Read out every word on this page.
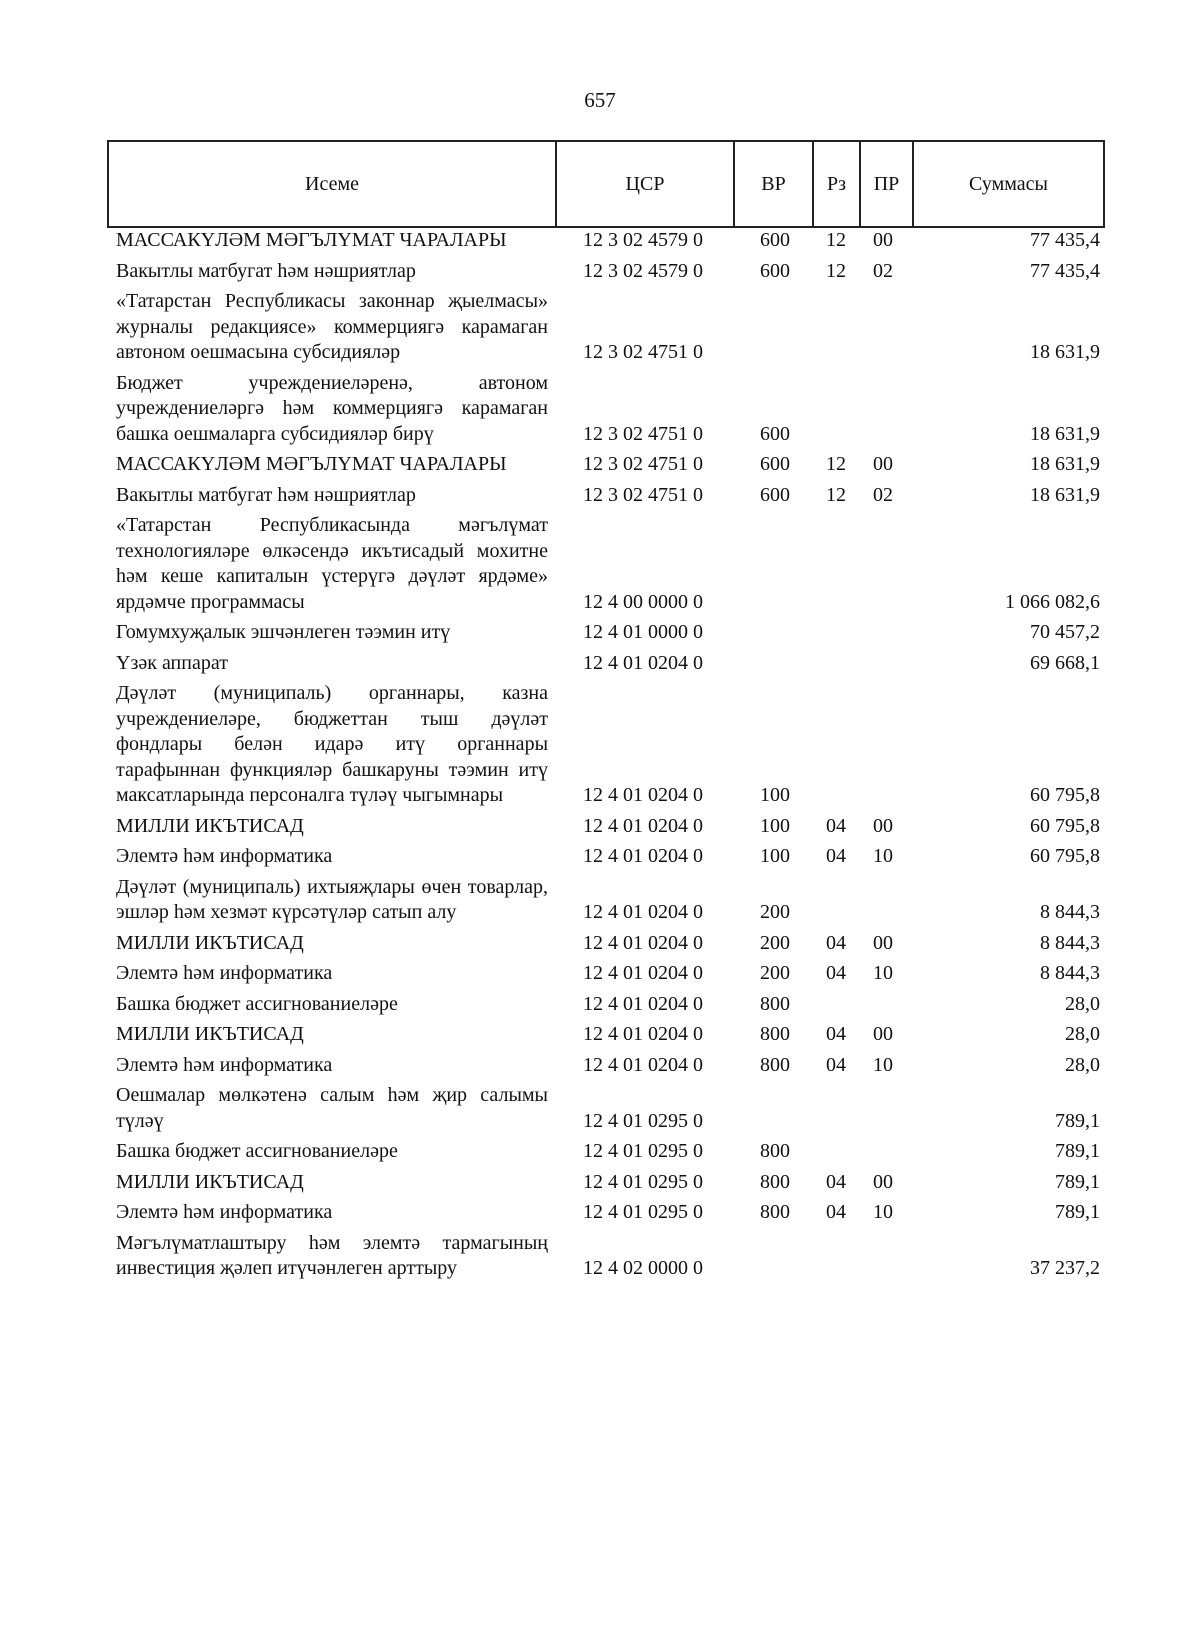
657
Исеме	ЦСР	ВР	Рз	ПР	Суммасы
МАССАКҮЛӘМ МӘГЪЛҮМАТ ЧАРАЛАРЫ	12 3 02 4579 0	600	12	00	77 435,4
Вакытлы матбугат һәм нәшриятлар	12 3 02 4579 0	600	12	02	77 435,4
«Татарстан Республикасы законнар җыелмасы» журналы редакциясе» коммерциягә карамаган автоном оешмасына субсидияләр	12 3 02 4751 0				18 631,9
Бюджет учреждениеләренә, автоном учреждениеләргә һәм коммерциягә карамаган башка оешмаларга субсидияләр бирү	12 3 02 4751 0	600			18 631,9
МАССАКҮЛӘМ МӘГЪЛҮМАТ ЧАРАЛАРЫ	12 3 02 4751 0	600	12	00	18 631,9
Вакытлы матбугат һәм нәшриятлар	12 3 02 4751 0	600	12	02	18 631,9
«Татарстан Республикасында мәгълүмат технологияләре өлкәсендә икътисадый мохитне һәм кеше капиталын үстерүгә дәүләт ярдәме» ярдәмче программасы	12 4 00 0000 0				1 066 082,6
Гомумхуҗалык эшчәнлеген тәэмин итү	12 4 01 0000 0				70 457,2
Үзәк аппарат	12 4 01 0204 0				69 668,1
Дәүләт (муниципаль) органнары, казна учреждениеләре, бюджеттан тыш дәүләт фондлары белән идарә итү органнары тарафыннан функцияләр башкаруны тәэмин итү максатларында персоналга түләү чыгымнары	12 4 01 0204 0	100			60 795,8
МИЛЛИ ИКЪТИСАД	12 4 01 0204 0	100	04	00	60 795,8
Элемтә һәм информатика	12 4 01 0204 0	100	04	10	60 795,8
Дәүләт (муниципаль) ихтыяҗлары өчен товарлар, эшләр һәм хезмәт күрсәтүләр сатып алу	12 4 01 0204 0	200			8 844,3
МИЛЛИ ИКЪТИСАД	12 4 01 0204 0	200	04	00	8 844,3
Элемтә һәм информатика	12 4 01 0204 0	200	04	10	8 844,3
Башка бюджет ассигнованиеләре	12 4 01 0204 0	800			28,0
МИЛЛИ ИКЪТИСАД	12 4 01 0204 0	800	04	00	28,0
Элемтә һәм информатика	12 4 01 0204 0	800	04	10	28,0
Оешмалар мөлкәтенә салым һәм җир салымы түләү	12 4 01 0295 0				789,1
Башка бюджет ассигнованиеләре	12 4 01 0295 0	800			789,1
МИЛЛИ ИКЪТИСАД	12 4 01 0295 0	800	04	00	789,1
Элемтә һәм информатика	12 4 01 0295 0	800	04	10	789,1
Мәгълүматлаштыру һәм элемтә тармагының инвестиция җәлеп итүчәнлеген арттыру	12 4 02 0000 0				37 237,2
